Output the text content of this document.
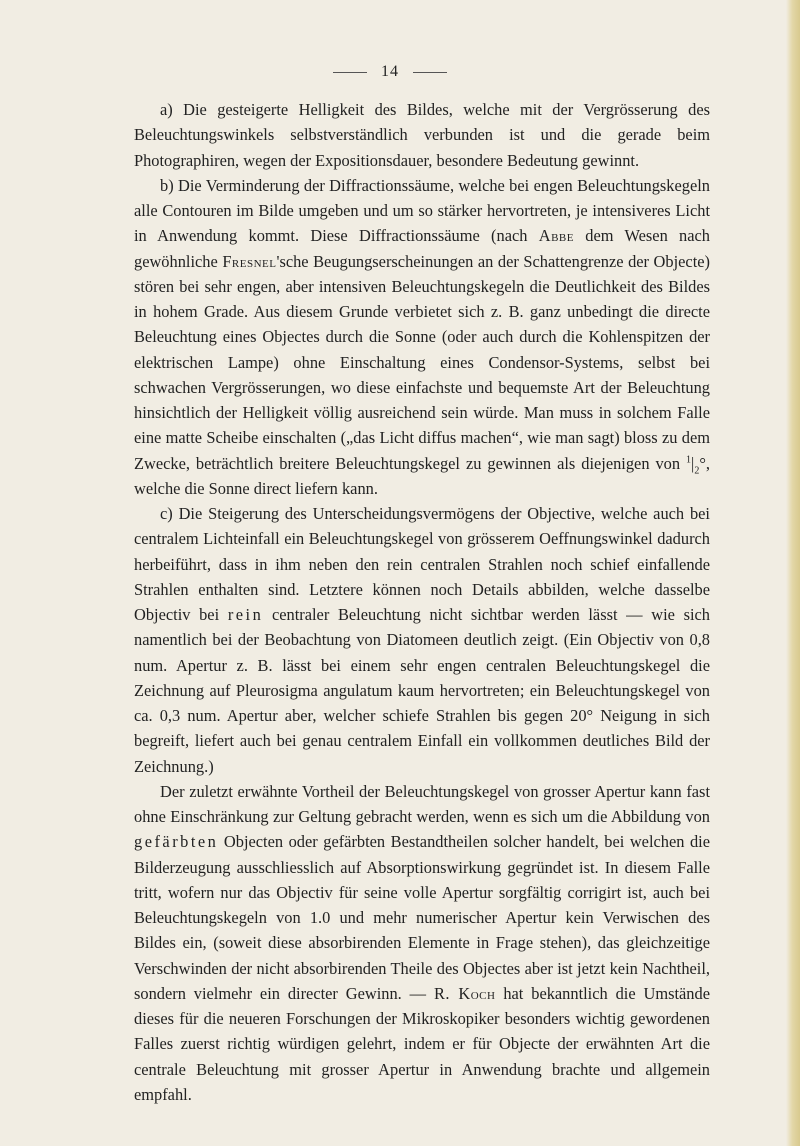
14

a) Die gesteigerte Helligkeit des Bildes, welche mit der Vergrösserung des Beleuchtungswinkels selbstverständlich verbunden ist und die gerade beim Photographiren, wegen der Expositionsdauer, besondere Bedeutung gewinnt.

b) Die Verminderung der Diffractionssäume, welche bei engen Beleuchtungskegeln alle Contouren im Bilde umgeben und um so stärker hervortreten, je intensiveres Licht in Anwendung kommt. Diese Diffractionssäume (nach Abbe dem Wesen nach gewöhnliche Fresnel'sche Beugungserscheinungen an der Schattengrenze der Objecte) stören bei sehr engen, aber intensiven Beleuchtungskegeln die Deutlichkeit des Bildes in hohem Grade. Aus diesem Grunde verbietet sich z. B. ganz unbedingt die directe Beleuchtung eines Objectes durch die Sonne (oder auch durch die Kohlenspitzen der elektrischen Lampe) ohne Einschaltung eines Condensor-Systems, selbst bei schwachen Vergrösserungen, wo diese einfachste und bequemste Art der Beleuchtung hinsichtlich der Helligkeit völlig ausreichend sein würde. Man muss in solchem Falle eine matte Scheibe einschalten („das Licht diffus machen“, wie man sagt) bloss zu dem Zwecke, beträchtlich breitere Beleuchtungskegel zu gewinnen als diejenigen von $^1|_2^\circ$, welche die Sonne direct liefern kann.

c) Die Steigerung des Unterscheidungsvermögens der Objective, welche auch bei centralem Lichteinfall ein Beleuchtungskegel von grösserem Oeffnungswinkel dadurch herbeiführt, dass in ihm neben den rein centralen Strahlen noch schief einfallende Strahlen enthalten sind. Letztere können noch Details abbilden, welche dasselbe Objectiv bei rein centraler Beleuchtung nicht sichtbar werden lässt — wie sich namentlich bei der Beobachtung von Diatomeen deutlich zeigt. (Ein Objectiv von 0,8 num. Apertur z. B. lässt bei einem sehr engen centralen Beleuchtungskegel die Zeichnung auf Pleurosigma angulatum kaum hervortreten; ein Beleuchtungskegel von ca. 0,3 num. Apertur aber, welcher schiefe Strahlen bis gegen 20° Neigung in sich begreift, liefert auch bei genau centralem Einfall ein vollkommen deutliches Bild der Zeichnung.)

Der zuletzt erwähnte Vortheil der Beleuchtungskegel von grosser Apertur kann fast ohne Einschränkung zur Geltung gebracht werden, wenn es sich um die Abbildung von gefärbten Objecten oder gefärbten Bestandtheilen solcher handelt, bei welchen die Bilderzeugung ausschliesslich auf Absorptionswirkung gegründet ist. In diesem Falle tritt, wofern nur das Objectiv für seine volle Apertur sorgfältig corrigirt ist, auch bei Beleuchtungskegeln von 1.0 und mehr numerischer Apertur kein Verwischen des Bildes ein, (soweit diese absorbirenden Elemente in Frage stehen), das gleichzeitige Verschwinden der nicht absorbirenden Theile des Objectes aber ist jetzt kein Nachtheil, sondern vielmehr ein directer Gewinn. — R. Koch hat bekanntlich die Umstände dieses für die neueren Forschungen der Mikroskopiker besonders wichtig gewordenen Falles zuerst richtig würdigen gelehrt, indem er für Objecte der erwähnten Art die centrale Beleuchtung mit grosser Apertur in Anwendung brachte und allgemein empfahl.
